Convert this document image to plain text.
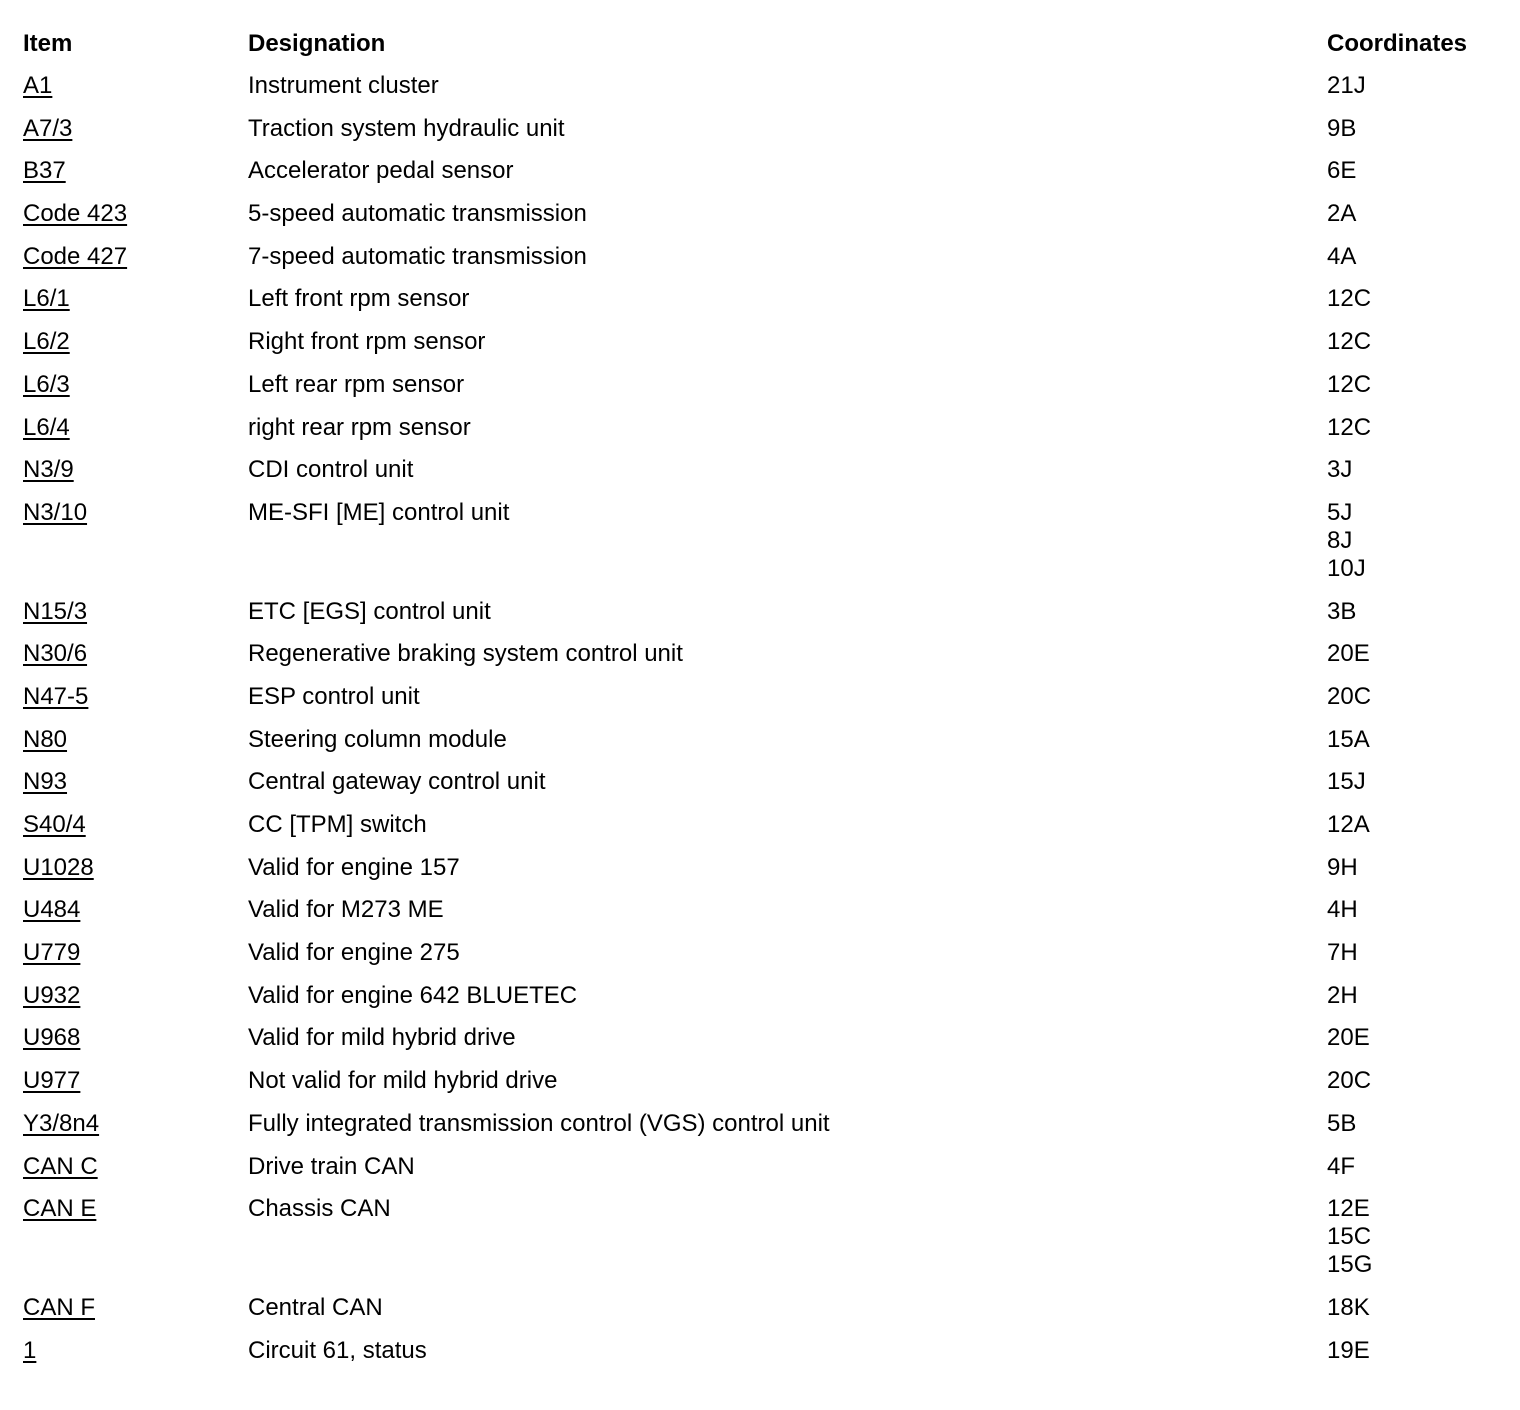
Item	Designation	Coordinates
A1	Instrument cluster	21J
A7/3	Traction system hydraulic unit	9B
B37	Accelerator pedal sensor	6E
Code 423	5-speed automatic transmission	2A
Code 427	7-speed automatic transmission	4A
L6/1	Left front rpm sensor	12C
L6/2	Right front rpm sensor	12C
L6/3	Left rear rpm sensor	12C
L6/4	right rear rpm sensor	12C
N3/9	CDI control unit	3J
N3/10	ME-SFI [ME] control unit	5J
8J
10J
N15/3	ETC [EGS] control unit	3B
N30/6	Regenerative braking system control unit	20E
N47-5	ESP control unit	20C
N80	Steering column module	15A
N93	Central gateway control unit	15J
S40/4	CC [TPM] switch	12A
U1028	Valid for engine 157	9H
U484	Valid for M273 ME	4H
U779	Valid for engine 275	7H
U932	Valid for engine 642 BLUETEC	2H
U968	Valid for mild hybrid drive	20E
U977	Not valid for mild hybrid drive	20C
Y3/8n4	Fully integrated transmission control (VGS) control unit	5B
CAN C	Drive train CAN	4F
CAN E	Chassis CAN	12E
15C
15G
CAN F	Central CAN	18K
1	Circuit 61, status	19E
